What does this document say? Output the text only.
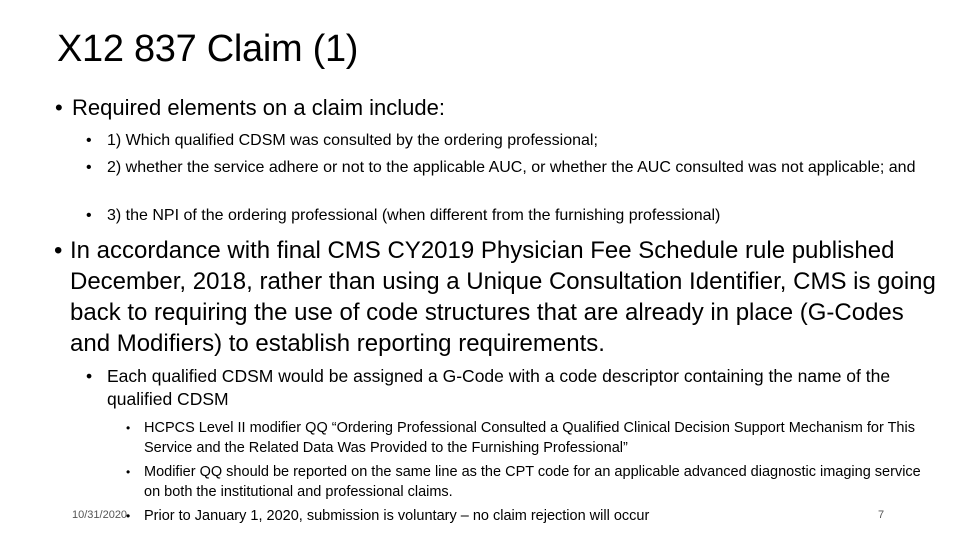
X12 837 Claim (1)

• Required elements on a claim include:

• 1) Which qualified CDSM was consulted by the ordering professional;

• 2) whether the service adhere or not to the applicable AUC, or whether the AUC consulted was not applicable; and

• 3) the NPI of the ordering professional (when different from the furnishing professional)

• In accordance with final CMS CY2019 Physician Fee Schedule rule published December, 2018, rather than using a Unique Consultation Identifier, CMS is going back to requiring the use of code structures that are already in place (G-Codes and Modifiers) to establish reporting requirements.

• Each qualified CDSM would be assigned a G-Code with a code descriptor containing the name of the qualified CDSM

• HCPCS Level II modifier QQ “Ordering Professional Consulted a Qualified Clinical Decision Support Mechanism for This Service and the Related Data Was Provided to the Furnishing Professional”

• Modifier QQ should be reported on the same line as the CPT code for an applicable advanced diagnostic imaging service on both the institutional and professional claims.

• Prior to January 1, 2020, submission is voluntary – no claim rejection will occur

10/31/2020	7
